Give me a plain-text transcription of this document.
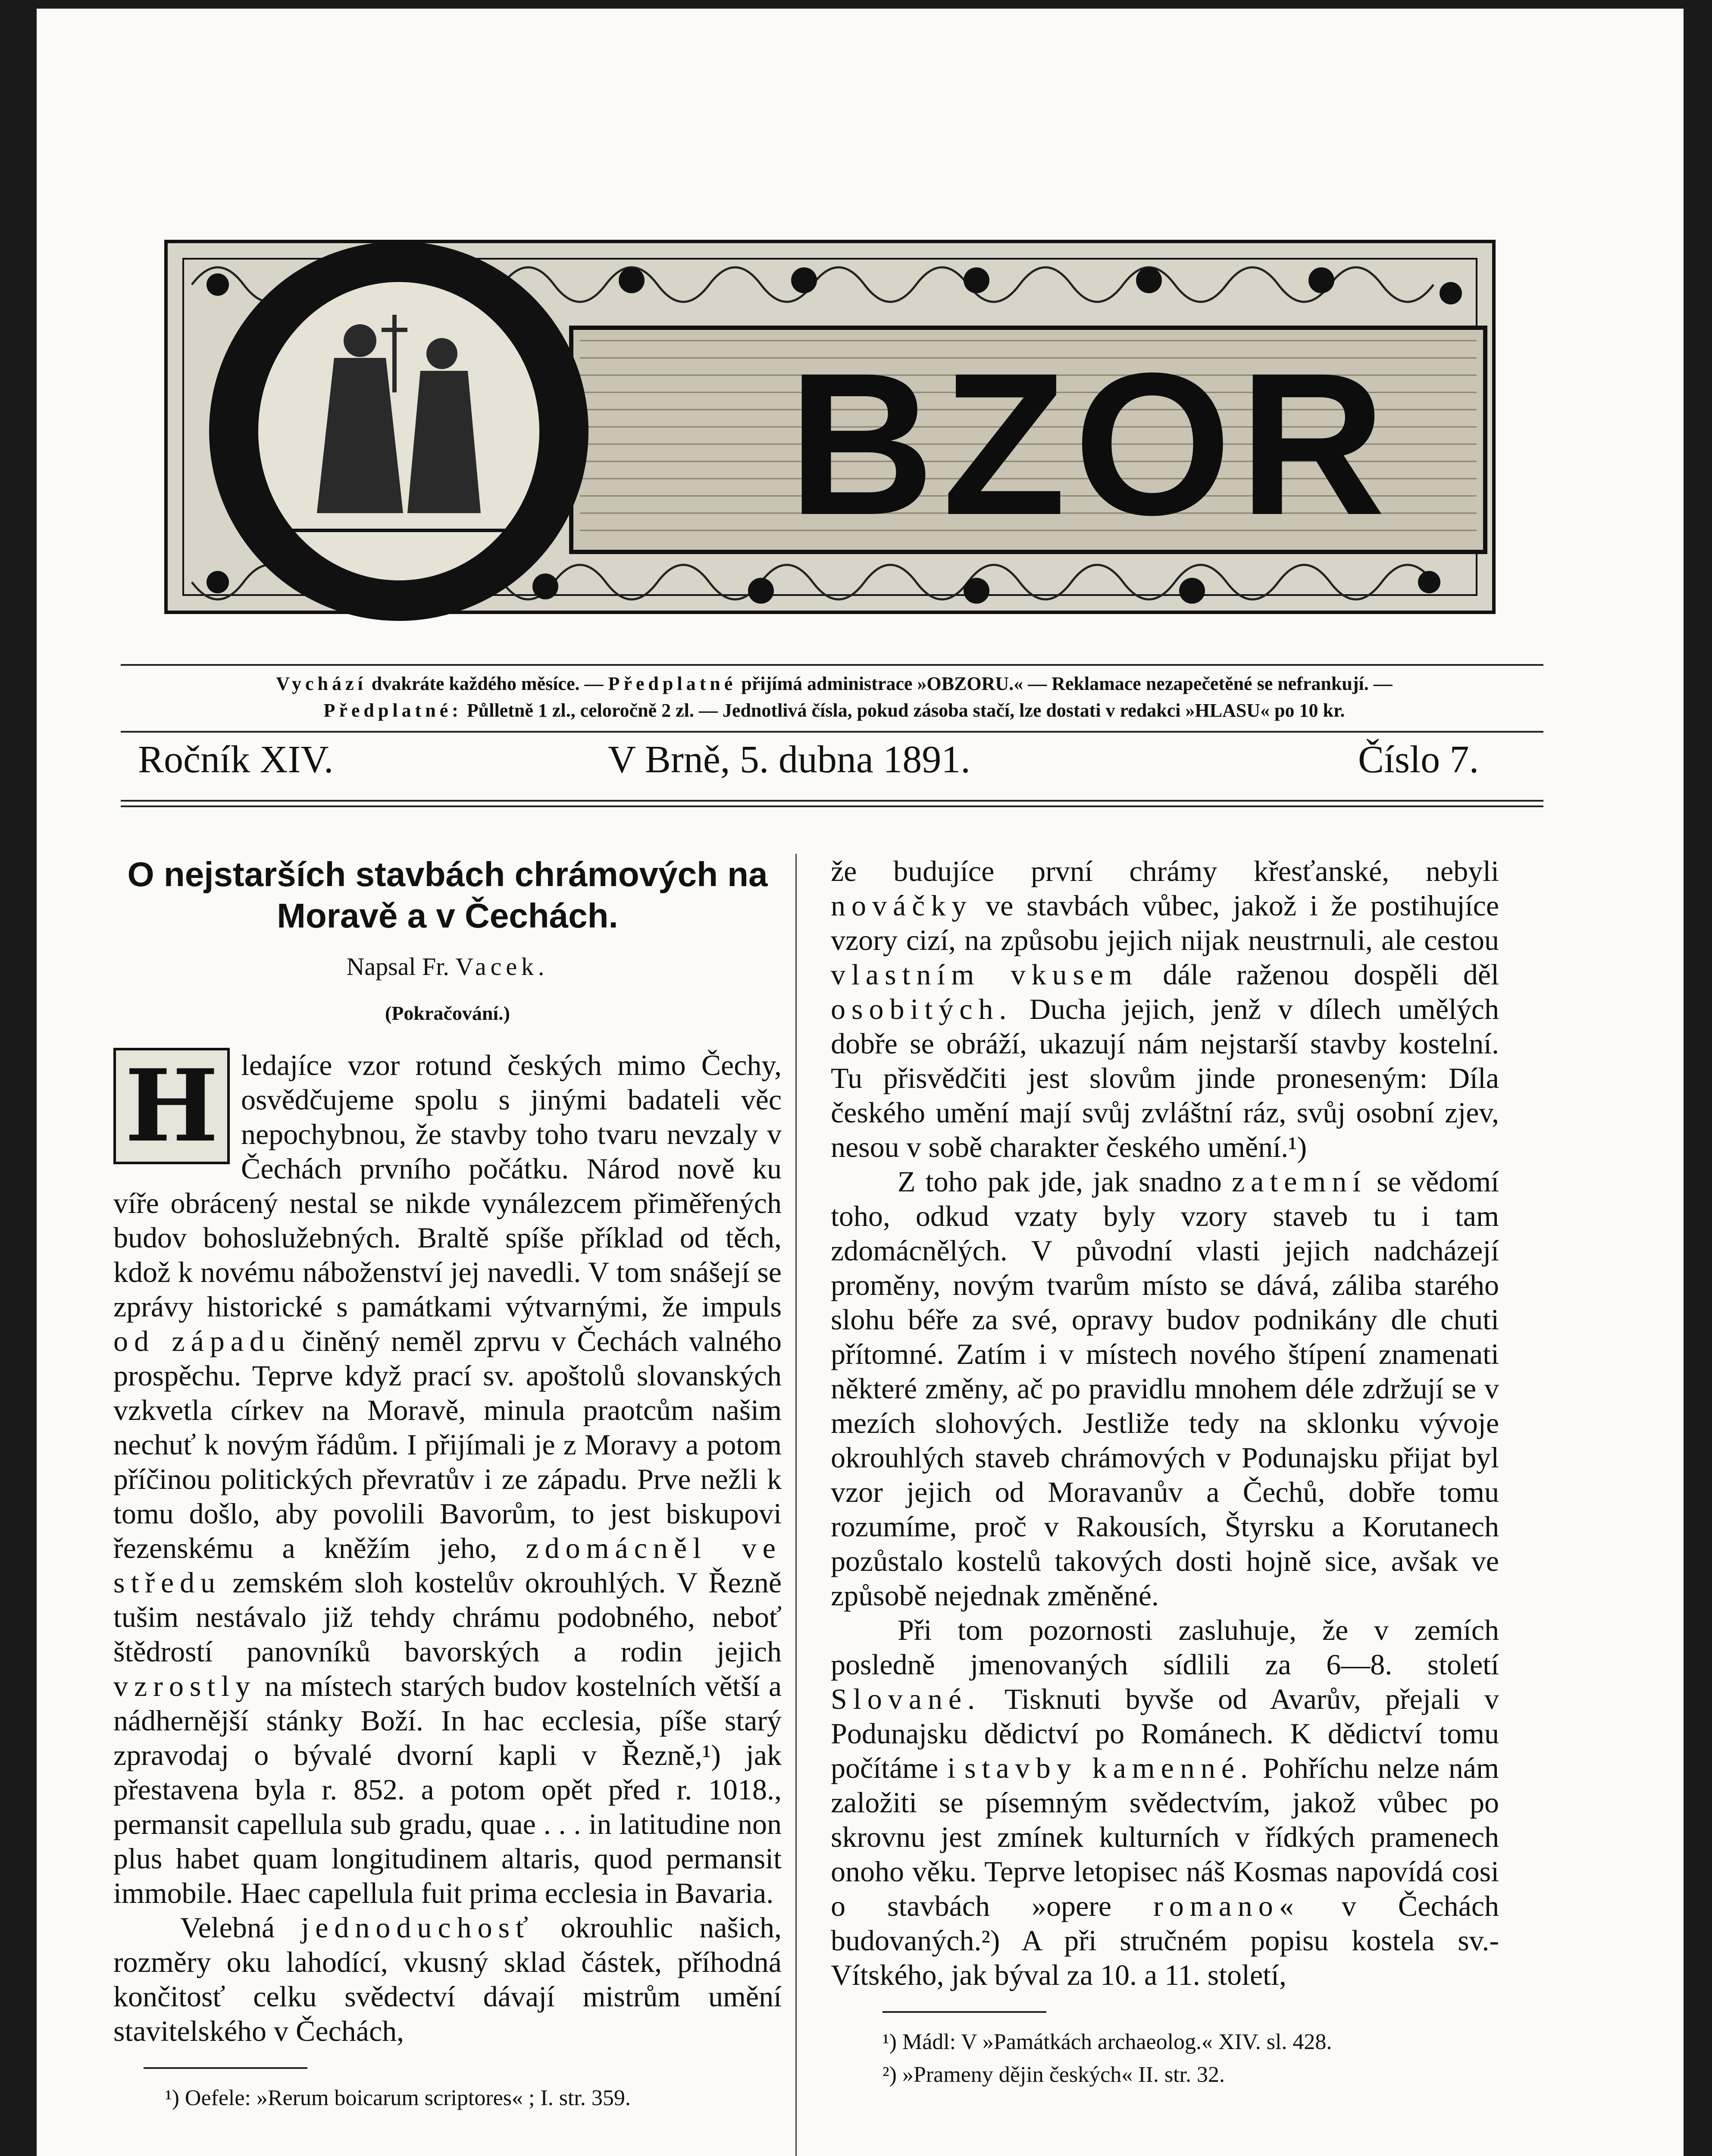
BZOR
Vychází dvakráte každého měsíce. — Předplatné přijímá administrace »OBZORU.« — Reklamace nezapečetěné se nefrankují. —
Předplatné: Půlletně 1 zl., celoročně 2 zl. — Jednotlivá čísla, pokud zásoba stačí, lze dostati v redakci »HLASU« po 10 kr.
Ročník XIV.	V Brně, 5. dubna 1891.	Číslo 7.
O nejstarších stavbách chrámových na Moravě a v Čechách.
Napsal Fr. Vacek.
(Pokračování.)

H ledajíce vzor rotund českých mimo Čechy, osvědčujeme spolu s jinými badateli věc nepochybnou, že stavby toho tvaru nevzaly v Čechách prvního počátku. Národ nově ku víře obrácený nestal se nikde vynálezcem přiměřených budov bohoslužebných. Braltě spíše příklad od těch, kdož k novému náboženství jej navedli. V tom snášejí se zprávy historické s památkami výtvarnými, že impuls od západu činěný neměl zprvu v Čechách valného prospěchu. Teprve když prací sv. apoštolů slovanských vzkvetla církev na Moravě, minula praotcům našim nechuť k novým řádům. I přijímali je z Moravy a potom příčinou politických převratův i ze západu. Prve nežli k tomu došlo, aby povolili Bavorům, to jest biskupovi řezenskému a kněžím jeho, zdomácněl ve středu zemském sloh kostelův okrouhlých. V Řezně tušim nestávalo již tehdy chrámu podobného, neboť štědrostí panovníků bavorských a rodin jejich vzrostly na místech starých budov kostelních větší a nádhernější stánky Boží. In hac ecclesia, píše starý zpravodaj o bývalé dvorní kapli v Řezně,¹) jak přestavena byla r. 852. a potom opět před r. 1018., permansit capellula sub gradu, quae . . . in latitudine non plus habet quam longitudinem altaris, quod permansit immobile. Haec capellula fuit prima ecclesia in Bavaria.

Velebná jednoduchosť okrouhlic našich, rozměry oku lahodící, vkusný sklad částek, příhodná končitosť celku svědectví dávají mistrům umění stavitelského v Čechách,

¹) Oefele: »Rerum boicarum scriptores« ; I. str. 359.

že budujíce první chrámy křesťanské, nebyli nováčky ve stavbách vůbec, jakož i že postihujíce vzory cizí, na způsobu jejich nijak neustrnuli, ale cestou vlastním vkusem dále raženou dospěli děl osobitých. Ducha jejich, jenž v dílech umělých dobře se obráží, ukazují nám nejstarší stavby kostelní. Tu přisvědčiti jest slovům jinde proneseným: Díla českého umění mají svůj zvláštní ráz, svůj osobní zjev, nesou v sobě charakter českého umění.¹)

Z toho pak jde, jak snadno zatemní se vědomí toho, odkud vzaty byly vzory staveb tu i tam zdomácnělých. V původní vlasti jejich nadcházejí proměny, novým tvarům místo se dává, záliba starého slohu béře za své, opravy budov podnikány dle chuti přítomné. Zatím i v místech nového štípení znamenati některé změny, ač po pravidlu mnohem déle zdržují se v mezích slohových. Jestliže tedy na sklonku vývoje okrouhlých staveb chrámových v Podunajsku přijat byl vzor jejich od Moravanův a Čechů, dobře tomu rozumíme, proč v Rakousích, Štyrsku a Korutanech pozůstalo kostelů takových dosti hojně sice, avšak ve způsobě nejednak změněné.

Při tom pozornosti zasluhuje, že v zemích posledně jmenovaných sídlili za 6—8. století Slované. Tisknuti byvše od Avarův, přejali v Podunajsku dědictví po Románech. K dědictví tomu počítáme i stavby kamenné. Pohříchu nelze nám založiti se písemným svědectvím, jakož vůbec po skrovnu jest zmínek kulturních v řídkých pramenech onoho věku. Teprve letopisec náš Kosmas napovídá cosi o stavbách »opere romano« v Čechách budovaných.²) A při stručném popisu kostela sv.-Vítského, jak býval za 10. a 11. století,

¹) Mádl: V »Památkách archaeolog.« XIV. sl. 428.
²) »Prameny dějin českých« II. str. 32.
